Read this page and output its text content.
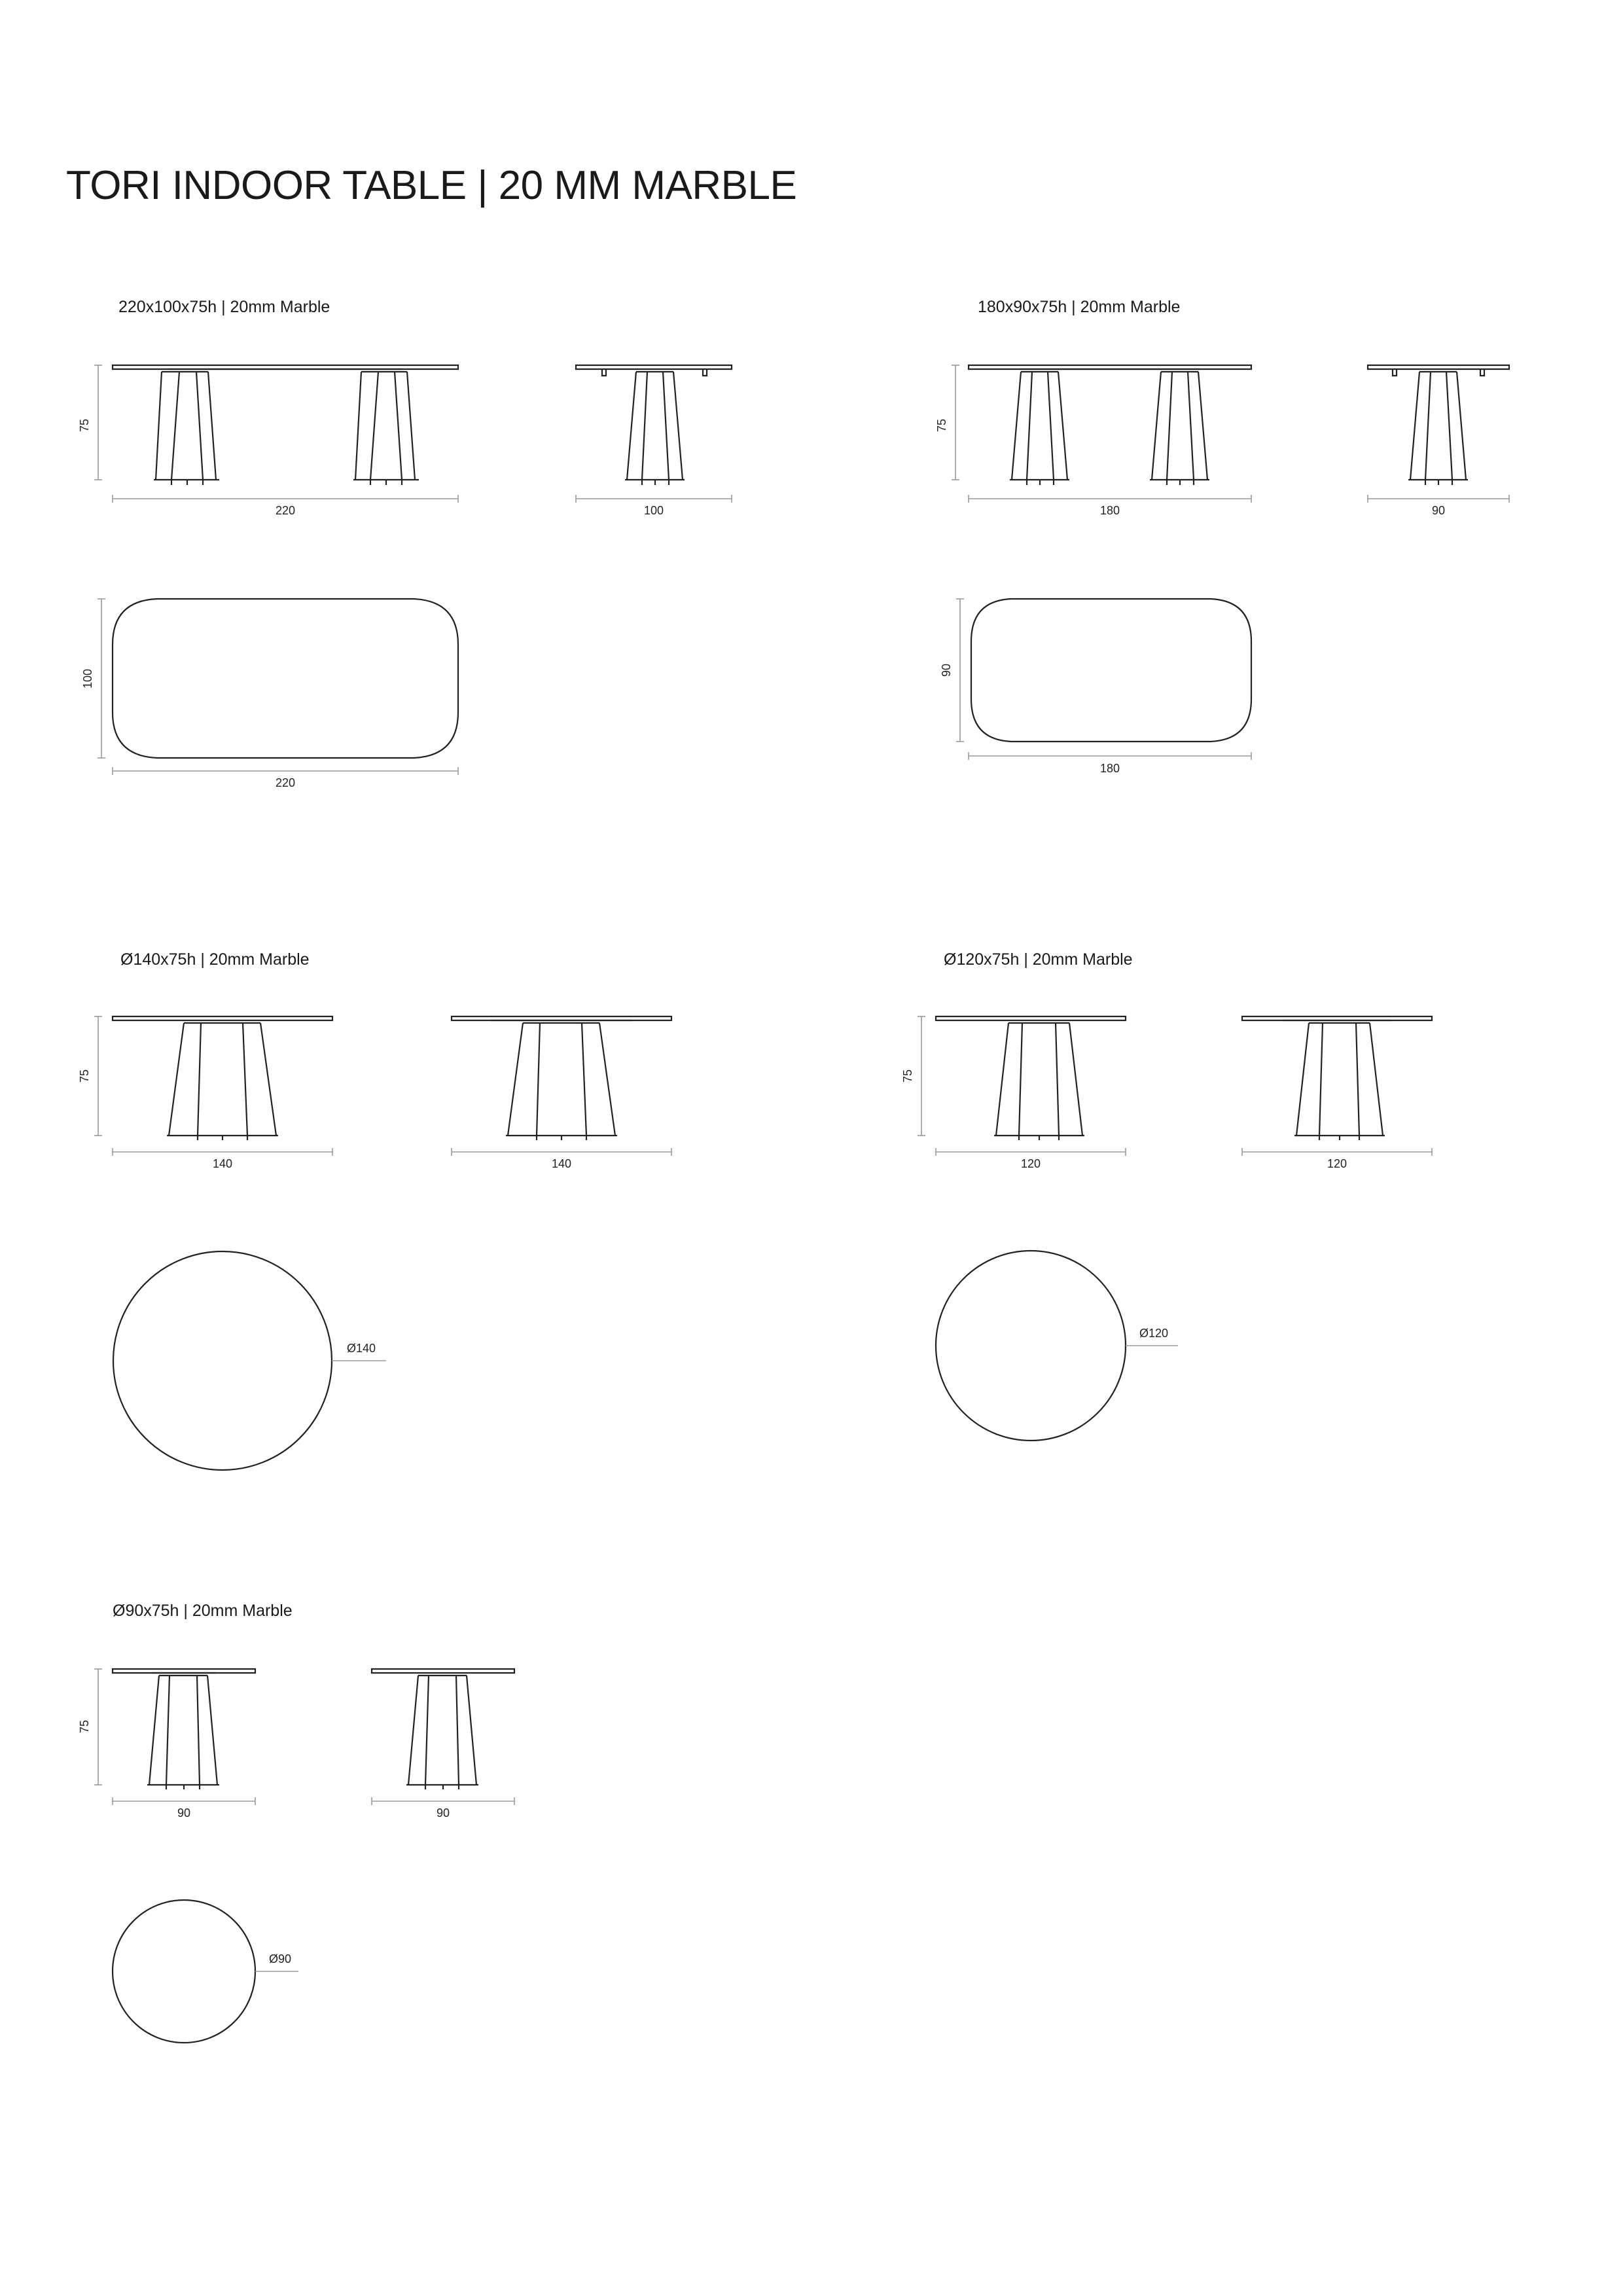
TORI INDOOR TABLE | 20 MM MARBLE
220x100x75h | 20mm Marble	180x90x75h | 20mm Marble
Ø140x75h | 20mm Marble	Ø120x75h | 20mm Marble
Ø90x75h | 20mm Marble
75
220	100
100
220
75
180	90
90
180
75
140	140
Ø140
75
120	120
Ø120
75
90	90
Ø90
